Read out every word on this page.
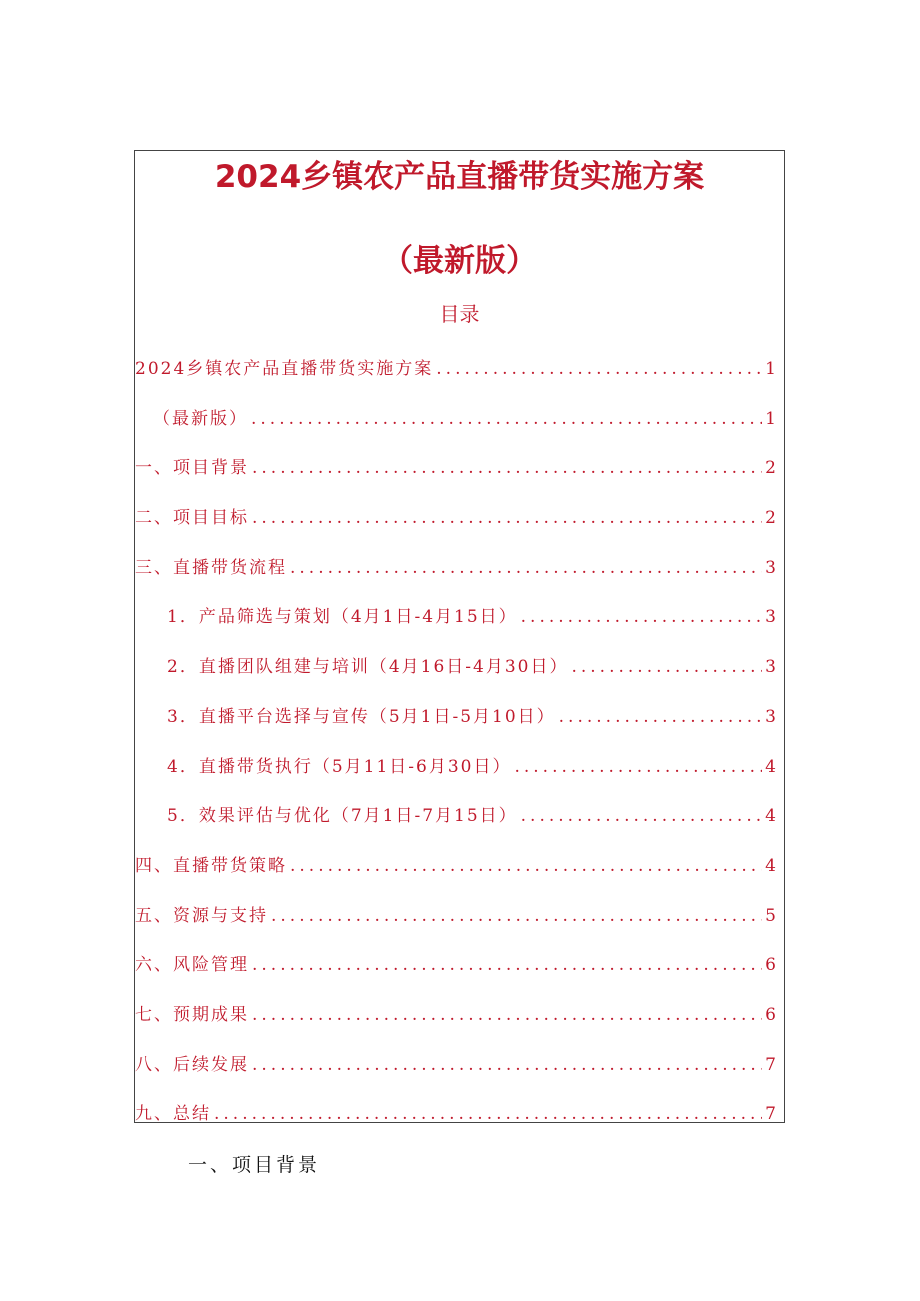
2024乡镇农产品直播带货实施方案
（最新版）
目录
2024乡镇农产品直播带货实施方案 .....	1
（最新版） .....	1
一、项目背景 .....	2
二、项目目标 .....	2
三、直播带货流程 .....	3
1．产品筛选与策划（4月1日-4月15日） .....	3
2．直播团队组建与培训（4月16日-4月30日） .....	3
3．直播平台选择与宣传（5月1日-5月10日） .....	3
4．直播带货执行（5月11日-6月30日） .....	4
5．效果评估与优化（7月1日-7月15日） .....	4
四、直播带货策略 .....	4
五、资源与支持 .....	5
六、风险管理 .....	6
七、预期成果 .....	6
八、后续发展 .....	7
九、总结 .....	7
一、项目背景
